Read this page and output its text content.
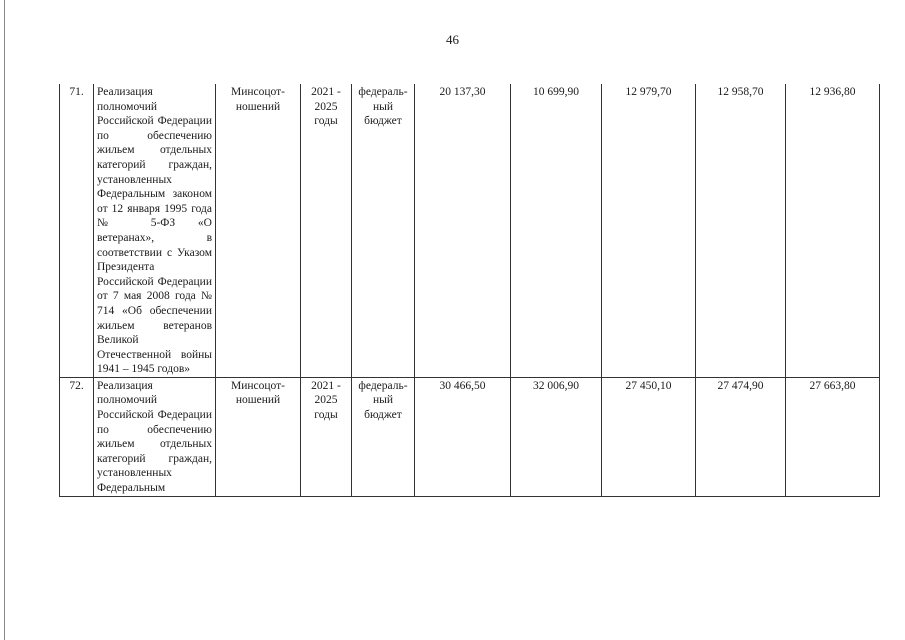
46
71.	Реализация полномочий Российской Федерации по обеспечению жильем отдельных категорий граждан, установленных Федеральным законом от 12 января 1995 года № 5-ФЗ «О ветеранах», в соответствии с Указом Президента Российской Федерации от 7 мая 2008 года № 714 «Об обеспечении жильем ветеранов Великой Отечественной войны 1941 – 1945 годов»	Минсоцот-ношений	2021 - 2025 годы	федераль-ный бюджет	20 137,30	10 699,90	12 979,70	12 958,70	12 936,80
72.	Реализация полномочий Российской Федерации по обеспечению жильем отдельных категорий граждан, установленных Федеральным	Минсоцот-ношений	2021 - 2025 годы	федераль-ный бюджет	30 466,50	32 006,90	27 450,10	27 474,90	27 663,80
